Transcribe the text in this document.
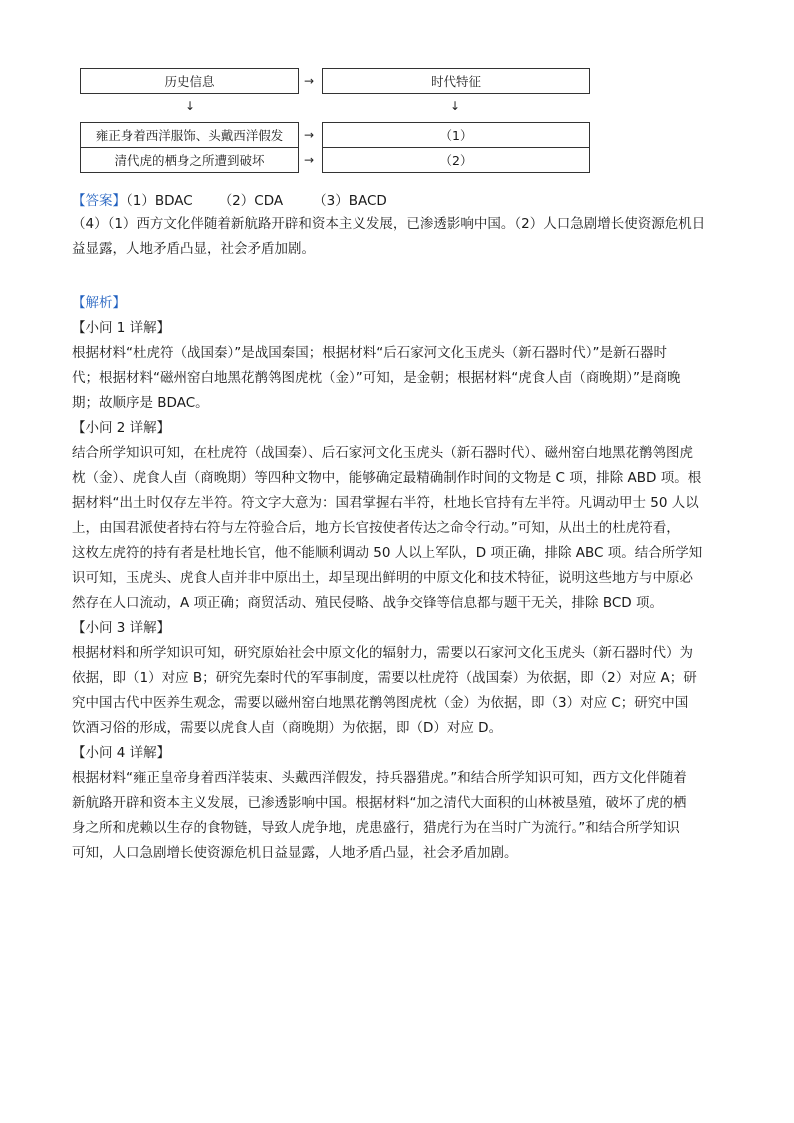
历史信息	→	时代特征
↓	↓
雍正身着西洋服饰、头戴西洋假发	→	（1）
清代虎的栖身之所遭到破坏	→	（2）
【答案】（1）BDAC （2）CDA （3）BACD
（4）（1）西方文化伴随着新航路开辟和资本主义发展，已渗透影响中国。（2）人口急剧增长使资源危机日
益显露，人地矛盾凸显，社会矛盾加剧。
【解析】
【小问 1 详解】
根据材料“杜虎符（战国秦）”是战国秦国；根据材料“后石家河文化玉虎头（新石器时代）”是新石器时
代；根据材料“磁州窑白地黑花鹡鸰图虎枕（金）”可知，是金朝；根据材料“虎食人卣（商晚期）”是商晚
期；故顺序是 BDAC。
【小问 2 详解】
结合所学知识可知，在杜虎符（战国秦）、后石家河文化玉虎头（新石器时代）、磁州窑白地黑花鹡鸰图虎
枕（金）、虎食人卣（商晚期）等四种文物中，能够确定最精确制作时间的文物是 C 项，排除 ABD 项。根
据材料“出土时仅存左半符。符文字大意为：国君掌握右半符，杜地长官持有左半符。凡调动甲士 50 人以
上，由国君派使者持右符与左符验合后，地方长官按使者传达之命令行动。”可知，从出土的杜虎符看，
这枚左虎符的持有者是杜地长官，他不能顺利调动 50 人以上军队，D 项正确，排除 ABC 项。结合所学知
识可知，玉虎头、虎食人卣并非中原出土，却呈现出鲜明的中原文化和技术特征，说明这些地方与中原必
然存在人口流动，A 项正确；商贸活动、殖民侵略、战争交锋等信息都与题干无关，排除 BCD 项。
【小问 3 详解】
根据材料和所学知识可知，研究原始社会中原文化的辐射力，需要以石家河文化玉虎头（新石器时代）为
依据，即（1）对应 B；研究先秦时代的军事制度，需要以杜虎符（战国秦）为依据，即（2）对应 A；研
究中国古代中医养生观念，需要以磁州窑白地黑花鹡鸰图虎枕（金）为依据，即（3）对应 C；研究中国
饮酒习俗的形成，需要以虎食人卣（商晚期）为依据，即（D）对应 D。
【小问 4 详解】
根据材料“雍正皇帝身着西洋装束、头戴西洋假发，持兵器猎虎。”和结合所学知识可知，西方文化伴随着
新航路开辟和资本主义发展，已渗透影响中国。根据材料“加之清代大面积的山林被垦殖，破坏了虎的栖
身之所和虎赖以生存的食物链，导致人虎争地，虎患盛行，猎虎行为在当时广为流行。”和结合所学知识
可知，人口急剧增长使资源危机日益显露，人地矛盾凸显，社会矛盾加剧。
